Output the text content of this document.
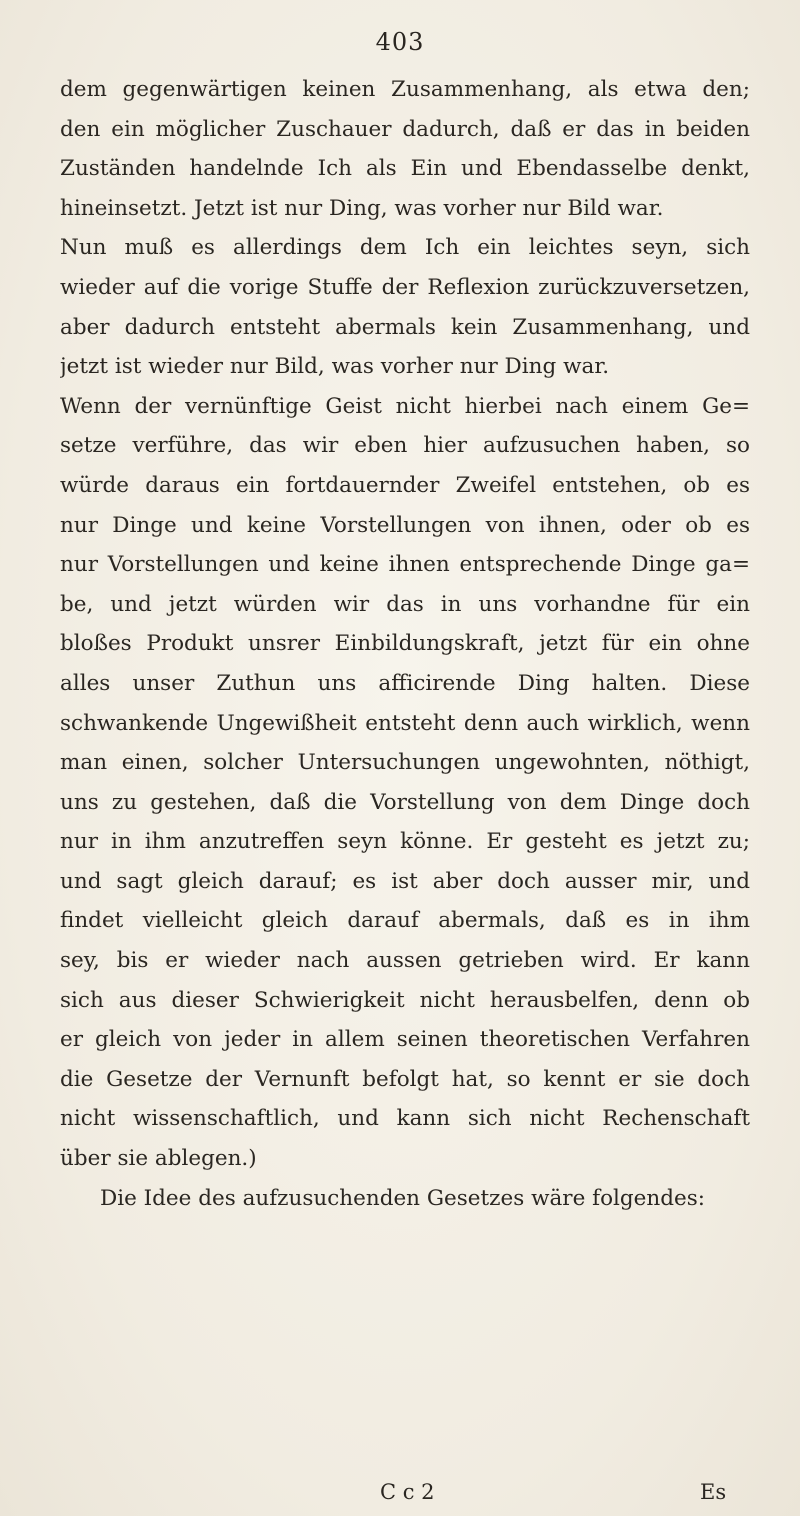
403
dem gegenwärtigen keinen Zusammenhang, als etwa den;
den ein möglicher Zuschauer dadurch, daß er das in beiden
Zuständen handelnde Ich als Ein und Ebendasselbe denkt,
hineinsetzt. Jetzt ist nur Ding, was vorher nur Bild war.
Nun muß es allerdings dem Ich ein leichtes seyn, sich
wieder auf die vorige Stuffe der Reflexion zurückzuversetzen,
aber dadurch entsteht abermals kein Zusammenhang, und
jetzt ist wieder nur Bild, was vorher nur Ding war.
Wenn der vernünftige Geist nicht hierbei nach einem Ge=
setze verführe, das wir eben hier aufzusuchen haben, so
würde daraus ein fortdauernder Zweifel entstehen, ob es
nur Dinge und keine Vorstellungen von ihnen, oder ob es
nur Vorstellungen und keine ihnen entsprechende Dinge ga=
be, und jetzt würden wir das in uns vorhandne für ein
bloßes Produkt unsrer Einbildungskraft, jetzt für ein ohne
alles unser Zuthun uns afficirende Ding halten. Diese
schwankende Ungewißheit entsteht denn auch wirklich, wenn
man einen, solcher Untersuchungen ungewohnten, nöthigt,
uns zu gestehen, daß die Vorstellung von dem Dinge doch
nur in ihm anzutreffen seyn könne. Er gesteht es jetzt zu;
und sagt gleich darauf; es ist aber doch ausser mir, und
findet vielleicht gleich darauf abermals, daß es in ihm
sey, bis er wieder nach aussen getrieben wird. Er kann
sich aus dieser Schwierigkeit nicht herausbelfen, denn ob
er gleich von jeder in allem seinen theoretischen Verfahren
die Gesetze der Vernunft befolgt hat, so kennt er sie doch
nicht wissenschaftlich, und kann sich nicht Rechenschaft
über sie ablegen.)
Die Idee des aufzusuchenden Gesetzes wäre folgendes:
C c 2	Es
